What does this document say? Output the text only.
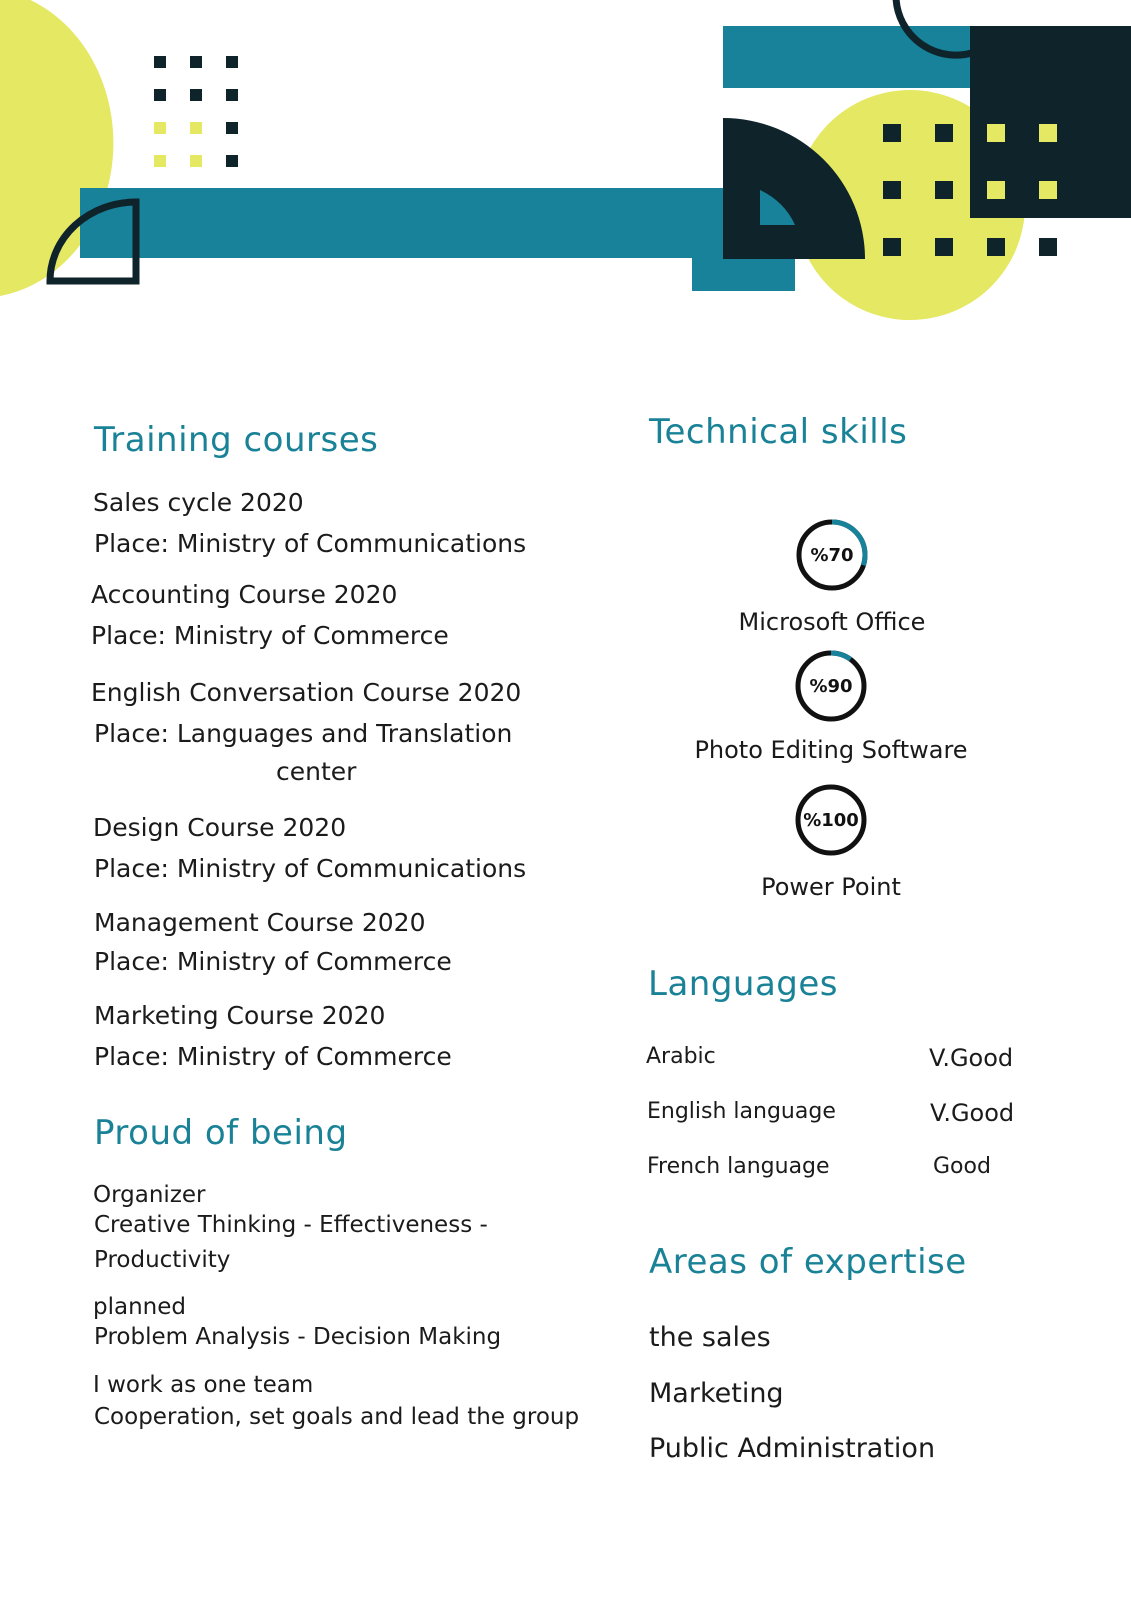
Training courses
Sales cycle 2020
Place: Ministry of Communications
Accounting Course 2020
Place: Ministry of Commerce
English Conversation Course 2020
Place: Languages and Translation
center
Design Course 2020
Place: Ministry of Communications
Management Course 2020
Place: Ministry of Commerce
Marketing Course 2020
Place: Ministry of Commerce
Proud of being
Organizer
Creative Thinking - Effectiveness -
Productivity
planned
Problem Analysis - Decision Making
I work as one team
Cooperation, set goals and lead the group
Technical skills
%70
Microsoft Office
%90
Photo Editing Software
%100
Power Point
Languages
Arabic	V.Good
English language	V.Good
French language	Good
Areas of expertise
the sales
Marketing
Public Administration
